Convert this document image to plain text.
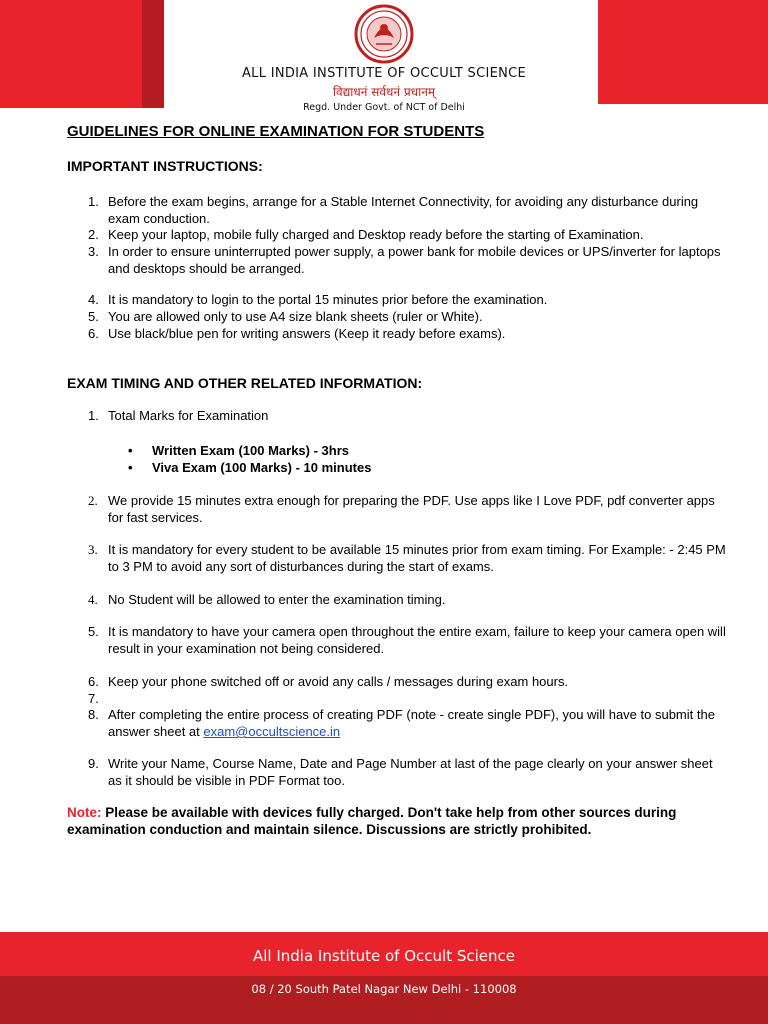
ALL INDIA INSTITUTE OF OCCULT SCIENCE
विद्याधनं सर्वधनं प्रधानम्
Regd. Under Govt. of NCT of Delhi
GUIDELINES FOR ONLINE EXAMINATION FOR STUDENTS
IMPORTANT INSTRUCTIONS:
1. Before the exam begins, arrange for a Stable Internet Connectivity, for avoiding any disturbance during exam conduction.
2. Keep your laptop, mobile fully charged and Desktop ready before the starting of Examination.
3. In order to ensure uninterrupted power supply, a power bank for mobile devices or UPS/inverter for laptops and desktops should be arranged.
4. It is mandatory to login to the portal 15 minutes prior before the examination.
5. You are allowed only to use A4 size blank sheets (ruler or White).
6. Use black/blue pen for writing answers (Keep it ready before exams).
EXAM TIMING AND OTHER RELATED INFORMATION:
1. Total Marks for Examination
• Written Exam (100 Marks) - 3hrs
• Viva Exam (100 Marks) - 10 minutes
2. We provide 15 minutes extra enough for preparing the PDF. Use apps like I Love PDF, pdf converter apps for fast services.
3. It is mandatory for every student to be available 15 minutes prior from exam timing. For Example: - 2:45 PM to 3 PM to avoid any sort of disturbances during the start of exams.
4. No Student will be allowed to enter the examination timing.
5. It is mandatory to have your camera open throughout the entire exam, failure to keep your camera open will result in your examination not being considered.
6. Keep your phone switched off or avoid any calls / messages during exam hours.
7.
8. After completing the entire process of creating PDF (note - create single PDF), you will have to submit the answer sheet at exam@occultscience.in
9. Write your Name, Course Name, Date and Page Number at last of the page clearly on your answer sheet as it should be visible in PDF Format too.
Note: Please be available with devices fully charged. Don't take help from other sources during examination conduction and maintain silence. Discussions are strictly prohibited.
All India Institute of Occult Science
08 / 20 South Patel Nagar New Delhi - 110008
